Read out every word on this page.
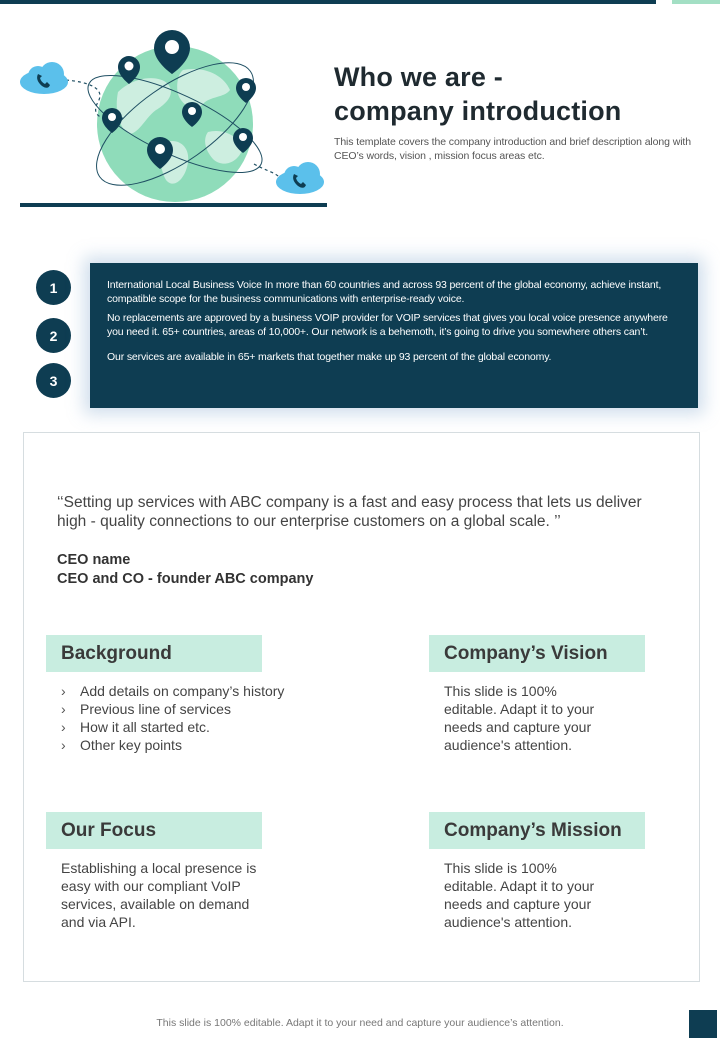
Who we are -
company introduction
This template covers the company introduction and brief description along with CEO’s words, vision , mission focus areas etc.
1
2
3

International Local Business Voice In more than 60 countries and across 93 percent of the global economy, achieve instant, compatible scope for the business communications with enterprise-ready voice.

No replacements are approved by a business VOIP provider for VOIP services that gives you local voice presence anywhere you need it. 65+ countries, areas of 10,000+. Our network is a behemoth, it’s going to drive you somewhere others can’t.

Our services are available in 65+ markets that together make up 93 percent of the global economy.

‘‘Setting up services with ABC company is a fast and easy process that lets us deliver high - quality connections to our enterprise customers on a global scale. ’’
CEO name
CEO and CO - founder ABC company
Background
› Add details on company’s history
› Previous line of services
› How it all started etc.
› Other key points
Company’s Vision
This slide is 100% editable. Adapt it to your needs and capture your audience's attention.
Our Focus
Establishing a local presence is easy with our compliant VoIP services, available on demand and via API.
Company’s Mission
This slide is 100% editable. Adapt it to your needs and capture your audience's attention.
This slide is 100% editable. Adapt it to your need and capture your audience’s attention.
